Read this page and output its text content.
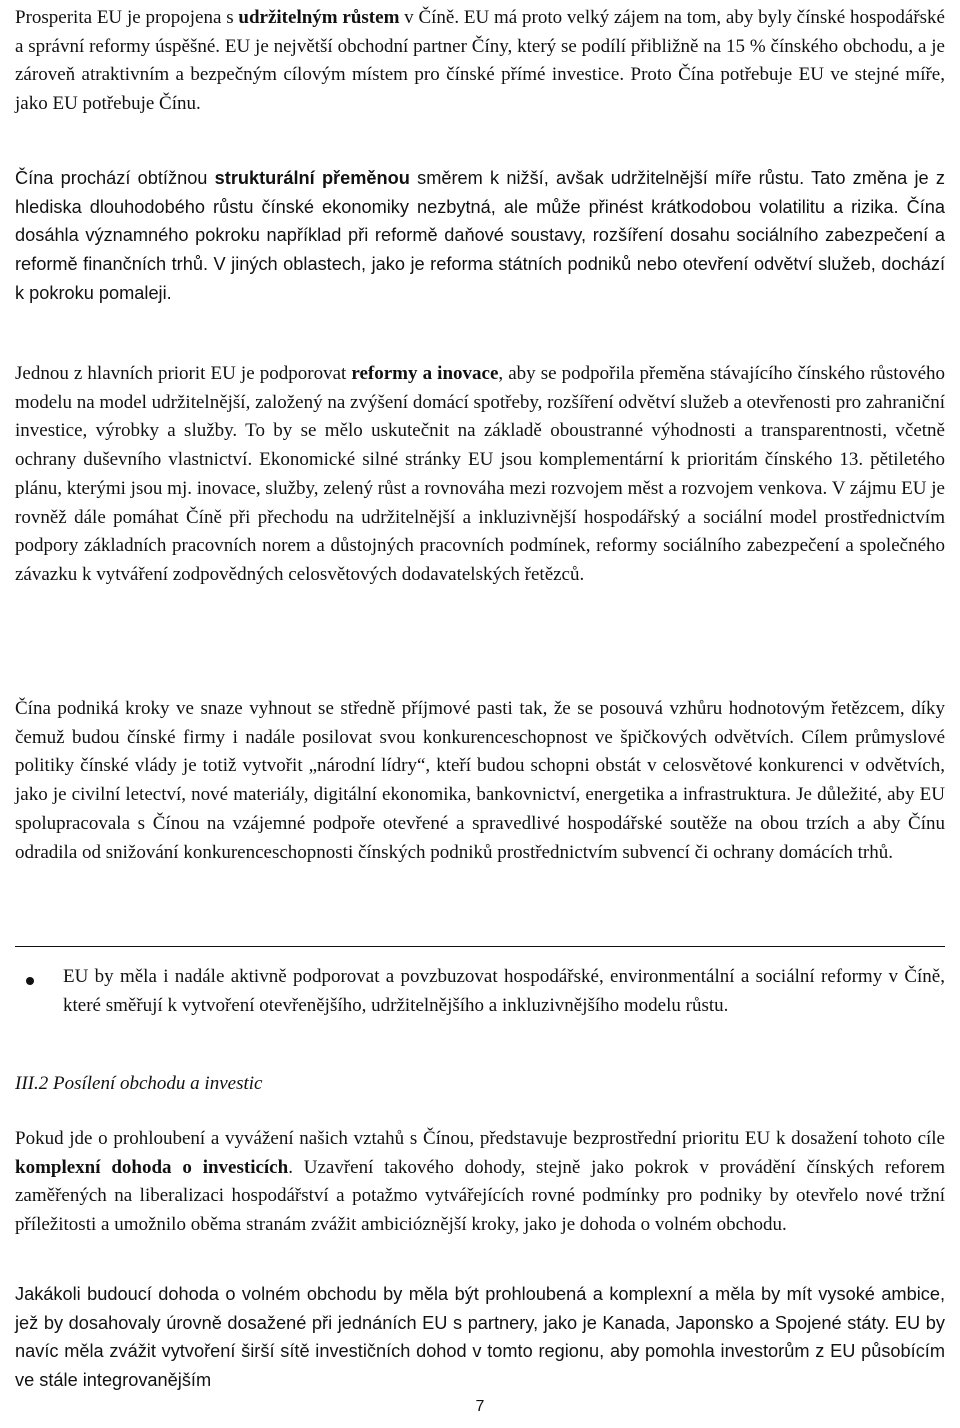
Prosperita EU je propojena s udržitelným růstem v Číně. EU má proto velký zájem na tom, aby byly čínské hospodářské a správní reformy úspěšné. EU je největší obchodní partner Číny, který se podílí přibližně na 15 % čínského obchodu, a je zároveň atraktivním a bezpečným cílovým místem pro čínské přímé investice. Proto Čína potřebuje EU ve stejné míře, jako EU potřebuje Čínu.

Čína prochází obtížnou strukturální přeměnou směrem k nižší, avšak udržitelnější míře růstu. Tato změna je z hlediska dlouhodobého růstu čínské ekonomiky nezbytná, ale může přinést krátkodobou volatilitu a rizika. Čína dosáhla významného pokroku například při reformě daňové soustavy, rozšíření dosahu sociálního zabezpečení a reformě finančních trhů. V jiných oblastech, jako je reforma státních podniků nebo otevření odvětví služeb, dochází k pokroku pomaleji.

Jednou z hlavních priorit EU je podporovat reformy a inovace, aby se podpořila přeměna stávajícího čínského růstového modelu na model udržitelnější, založený na zvýšení domácí spotřeby, rozšíření odvětví služeb a otevřenosti pro zahraniční investice, výrobky a služby. To by se mělo uskutečnit na základě oboustranné výhodnosti a transparentnosti, včetně ochrany duševního vlastnictví. Ekonomické silné stránky EU jsou komplementární k prioritám čínského 13. pětiletého plánu, kterými jsou mj. inovace, služby, zelený růst a rovnováha mezi rozvojem měst a rozvojem venkova. V zájmu EU je rovněž dále pomáhat Číně při přechodu na udržitelnější a inkluzivnější hospodářský a sociální model prostřednictvím podpory základních pracovních norem a důstojných pracovních podmínek, reformy sociálního zabezpečení a společného závazku k vytváření zodpovědných celosvětových dodavatelských řetězců.

Čína podniká kroky ve snaze vyhnout se středně příjmové pasti tak, že se posouvá vzhůru hodnotovým řetězcem, díky čemuž budou čínské firmy i nadále posilovat svou konkurenceschopnost ve špičkových odvětvích. Cílem průmyslové politiky čínské vlády je totiž vytvořit „národní lídry“, kteří budou schopni obstát v celosvětové konkurenci v odvětvích, jako je civilní letectví, nové materiály, digitální ekonomika, bankovnictví, energetika a infrastruktura. Je důležité, aby EU spolupracovala s Čínou na vzájemné podpoře otevřené a spravedlivé hospodářské soutěže na obou trzích a aby Čínu odradila od snižování konkurenceschopnosti čínských podniků prostřednictvím subvencí či ochrany domácích trhů.

EU by měla i nadále aktivně podporovat a povzbuzovat hospodářské, environmentální a sociální reformy v Číně, které směřují k vytvoření otevřenějšího, udržitelnějšího a inkluzivnějšího modelu růstu.

III.2 Posílení obchodu a investic

Pokud jde o prohloubení a vyvážení našich vztahů s Čínou, představuje bezprostřední prioritu EU k dosažení tohoto cíle komplexní dohoda o investicích. Uzavření takového dohody, stejně jako pokrok v provádění čínských reforem zaměřených na liberalizaci hospodářství a potažmo vytvářejících rovné podmínky pro podniky by otevřelo nové tržní příležitosti a umožnilo oběma stranám zvážit ambicióznější kroky, jako je dohoda o volném obchodu.

Jakákoli budoucí dohoda o volném obchodu by měla být prohloubená a komplexní a měla by mít vysoké ambice, jež by dosahovaly úrovně dosažené při jednáních EU s partnery, jako je Kanada, Japonsko a Spojené státy. EU by navíc měla zvážit vytvoření širší sítě investičních dohod v tomto regionu, aby pomohla investorům z EU působícím ve stále integrovanějším

7
